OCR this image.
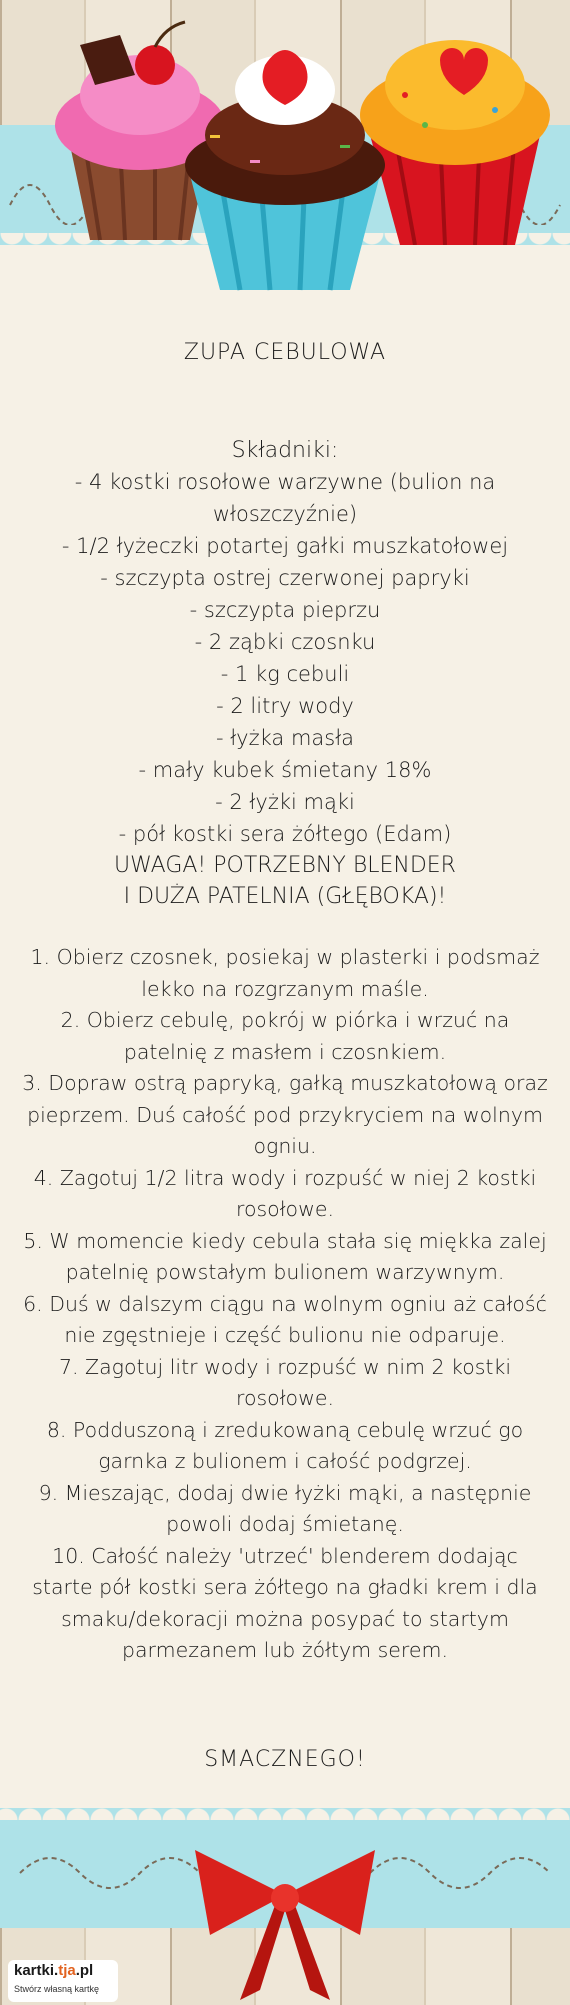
ZUPA CEBULOWA
Składniki:
- 4 kostki rosołowe warzywne (bulion na włoszczyźnie)
- 1/2 łyżeczki potartej gałki muszkatołowej
- szczypta ostrej czerwonej papryki
- szczypta pieprzu
- 2 ząbki czosnku
- 1 kg cebuli
- 2 litry wody
- łyżka masła
- mały kubek śmietany 18%
- 2 łyżki mąki
- pół kostki sera żółtego (Edam)
UWAGA! POTRZEBNY BLENDER
I DUŻA PATELNIA (GŁĘBOKA)!

1. Obierz czosnek, posiekaj w plasterki i podsmaż lekko na rozgrzanym maśle.

2. Obierz cebulę, pokrój w piórka i wrzuć na patelnię z masłem i czosnkiem.

3. Dopraw ostrą papryką, gałką muszkatołową oraz pieprzem. Duś całość pod przykryciem na wolnym ogniu.

4. Zagotuj 1/2 litra wody i rozpuść w niej 2 kostki rosołowe.

5. W momencie kiedy cebula stała się miękka zalej patelnię powstałym bulionem warzywnym.

6. Duś w dalszym ciągu na wolnym ogniu aż całość nie zgęstnieje i część bulionu nie odparuje.

7. Zagotuj litr wody i rozpuść w nim 2 kostki rosołowe.

8. Podduszoną i zredukowaną cebulę wrzuć go garnka z bulionem i całość podgrzej.

9. Mieszając, dodaj dwie łyżki mąki, a następnie powoli dodaj śmietanę.

10. Całość należy 'utrzeć' blenderem dodając starte pół kostki sera żółtego na gładki krem i dla smaku/dekoracji można posypać to startym parmezanem lub żółtym serem.

SMACZNEGO!
kartki.tja.pl
Stwórz własną kartkę
